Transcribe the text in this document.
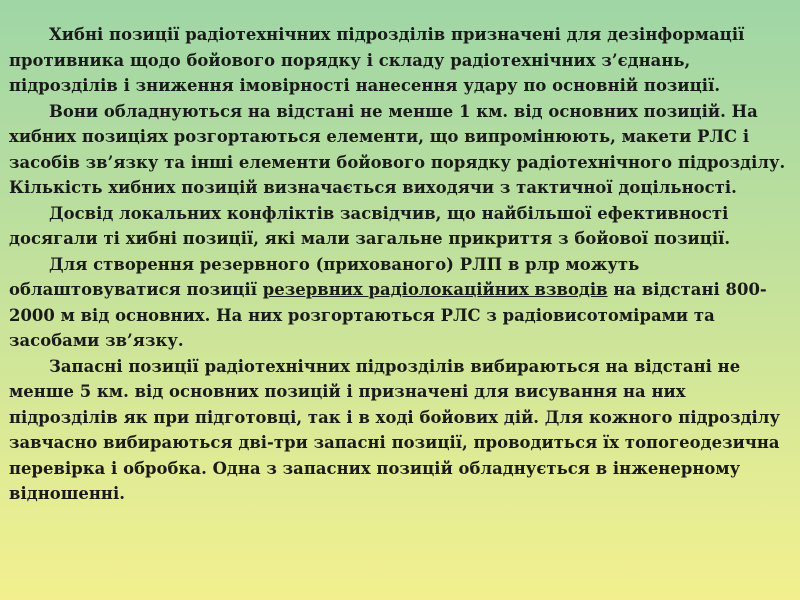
Хибні позиції радіотехнічних підрозділів призначені для дезінформації противника щодо бойового порядку і складу радіотехнічних з’єднань, підрозділів і зниження імовірності нанесення удару по основній позиції.

Вони обладнуються на відстані не менше 1 км. від основних позицій. На хибних позиціях розгортаються елементи, що випромінюють, макети РЛС і засобів зв’язку та інші елементи бойового порядку радіотехнічного підрозділу. Кількість хибних позицій визначається виходячи з тактичної доцільності.

Досвід локальних конфліктів засвідчив, що найбільшої ефективності досягали ті хибні позиції, які мали загальне прикриття з бойової позиції.

Для створення резервного (прихованого) РЛП в рлр можуть облаштовуватися позиції резервних радіолокаційних взводів на відстані 800-2000 м від основних. На них розгортаються РЛС з радіовисотомірами та засобами зв’язку.

Запасні позиції радіотехнічних підрозділів вибираються на відстані не менше 5 км. від основних позицій і призначені для висування на них підрозділів як при підготовці, так і в ході бойових дій. Для кожного підрозділу завчасно вибираються дві-три запасні позиції, проводиться їх топогеодезична перевірка і обробка. Одна з запасних позицій обладнується в інженерному відношенні.
